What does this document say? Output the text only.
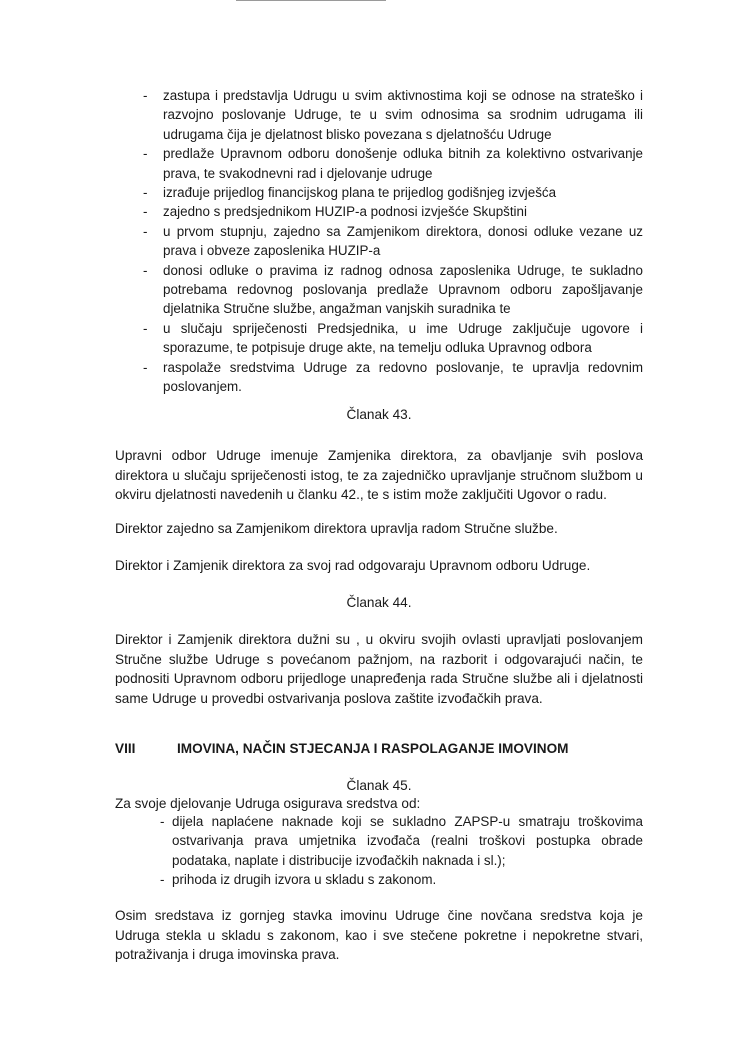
- zastupa i predstavlja Udrugu u svim aktivnostima koji se odnose na strateško i razvojno poslovanje Udruge, te u svim odnosima sa srodnim udrugama ili udrugama čija je djelatnost blisko povezana s djelatnošću Udruge
- predlaže Upravnom odboru donošenje odluka bitnih za kolektivno ostvarivanje prava, te svakodnevni rad i djelovanje udruge
- izrađuje prijedlog financijskog plana te prijedlog godišnjeg izvješća
- zajedno s predsjednikom HUZIP-a podnosi izvješće Skupštini
- u prvom stupnju, zajedno sa Zamjenikom direktora, donosi odluke vezane uz prava i obveze zaposlenika HUZIP-a
- donosi odluke o pravima iz radnog odnosa zaposlenika Udruge, te sukladno potrebama redovnog poslovanja predlaže Upravnom odboru zapošljavanje djelatnika Stručne službe, angažman vanjskih suradnika te
- u slučaju spriječenosti Predsjednika, u ime Udruge zaključuje ugovore i sporazume, te potpisuje druge akte, na temelju odluka Upravnog odbora
- raspolaže sredstvima Udruge za redovno poslovanje, te upravlja redovnim poslovanjem.
Članak 43.

Upravni odbor Udruge imenuje Zamjenika direktora, za obavljanje svih poslova direktora u slučaju spriječenosti istog, te za zajedničko upravljanje stručnom službom u okviru djelatnosti navedenih u članku 42., te s istim može zaključiti Ugovor o radu.

Direktor zajedno sa Zamjenikom direktora upravlja radom Stručne službe.

Direktor i Zamjenik direktora za svoj rad odgovaraju Upravnom odboru Udruge.

Članak 44.

Direktor i Zamjenik direktora dužni su , u okviru svojih ovlasti upravljati poslovanjem Stručne službe Udruge s povećanom pažnjom, na razborit i odgovarajući način, te podnositi Upravnom odboru prijedloge unapređenja rada Stručne službe ali i djelatnosti same Udruge u provedbi ostvarivanja poslova zaštite izvođačkih prava.

VIII	IMOVINA, NAČIN STJECANJA I RASPOLAGANJE IMOVINOM
Članak 45.

Za svoje djelovanje Udruga osigurava sredstva od:

- dijela naplaćene naknade koji se sukladno ZAPSP-u smatraju troškovima ostvarivanja prava umjetnika izvođača (realni troškovi postupka obrade podataka, naplate i distribucije izvođačkih naknada i sl.);
- prihoda iz drugih izvora u skladu s zakonom.

Osim sredstava iz gornjeg stavka imovinu Udruge čine novčana sredstva koja je Udruga stekla u skladu s zakonom, kao i sve stečene pokretne i nepokretne stvari, potraživanja i druga imovinska prava.
